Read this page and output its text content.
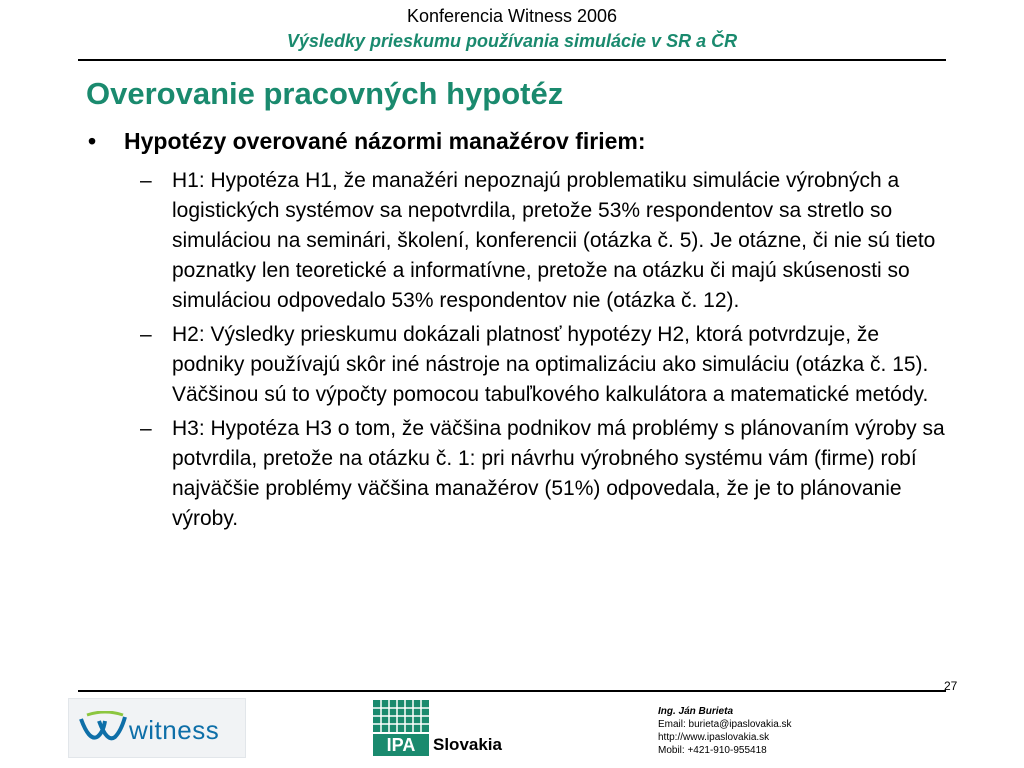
Konferencia Witness 2006
Výsledky prieskumu používania simulácie v SR a ČR
Overovanie pracovných hypotéz
• Hypotézy overované názormi manažérov firiem:
– H1: Hypotéza H1, že manažéri nepoznajú problematiku simulácie výrobných a logistických systémov sa nepotvrdila, pretože 53% respondentov sa stretlo so simuláciou na seminári, školení, konferencii (otázka č. 5). Je otázne, či nie sú tieto poznatky len teoretické a informatívne, pretože na otázku či majú skúsenosti so simuláciou odpovedalo 53% respondentov nie (otázka č. 12).
– H2: Výsledky prieskumu dokázali platnosť hypotézy H2, ktorá potvrdzuje, že podniky používajú skôr iné nástroje na optimalizáciu ako simuláciu (otázka č. 15). Väčšinou sú to výpočty pomocou tabuľkového kalkulátora a matematické metódy.
– H3: Hypotéza H3 o tom, že väčšina podnikov má problémy s plánovaním výroby sa potvrdila, pretože na otázku č. 1: pri návrhu výrobného systému vám (firme) robí najväčšie problémy väčšina manažérov (51%) odpovedala, že je to plánovanie výroby.
27
witness	IPA	Slovakia
Ing. Ján Burieta
Email: burieta@ipaslovakia.sk
http://www.ipaslovakia.sk
Mobil: +421-910-955418
